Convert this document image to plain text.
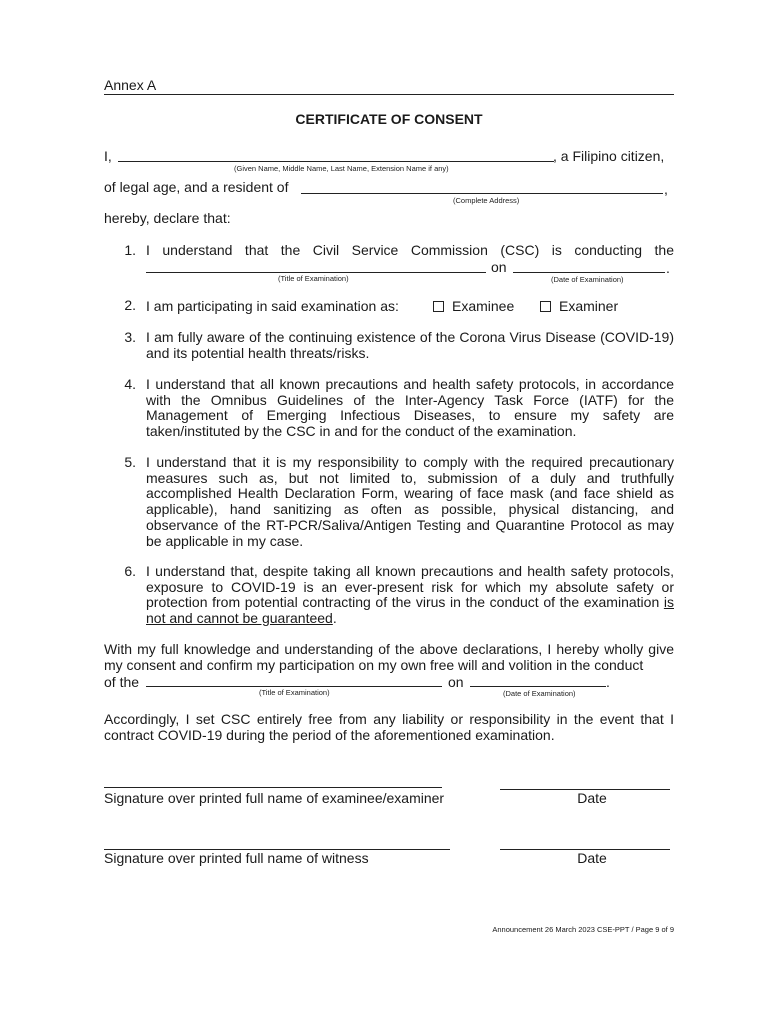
Annex A
CERTIFICATE OF CONSENT
I,	, a Filipino citizen,
(Given Name, Middle Name, Last Name, Extension Name if any)
of legal age, and a resident of	,
(Complete Address)
hereby, declare that:
1. I understand that the Civil Service Commission (CSC) is conducting the
on	.
(Title of Examination)	(Date of Examination)
2. I am participating in said examination as:	Examinee	Examiner
3. I am fully aware of the continuing existence of the Corona Virus Disease (COVID-19) and its potential health threats/risks.
4. I understand that all known precautions and health safety protocols, in accordance with the Omnibus Guidelines of the Inter-Agency Task Force (IATF) for the Management of Emerging Infectious Diseases, to ensure my safety are taken/instituted by the CSC in and for the conduct of the examination.
5. I understand that it is my responsibility to comply with the required precautionary measures such as, but not limited to, submission of a duly and truthfully accomplished Health Declaration Form, wearing of face mask (and face shield as applicable), hand sanitizing as often as possible, physical distancing, and observance of the RT-PCR/Saliva/Antigen Testing and Quarantine Protocol as may be applicable in my case.
6. I understand that, despite taking all known precautions and health safety protocols, exposure to COVID-19 is an ever-present risk for which my absolute safety or protection from potential contracting of the virus in the conduct of the examination is not and cannot be guaranteed.
With my full knowledge and understanding of the above declarations, I hereby wholly give my consent and confirm my participation on my own free will and volition in the conduct
of the	on	.
(Title of Examination)	(Date of Examination)
Accordingly, I set CSC entirely free from any liability or responsibility in the event that I contract COVID-19 during the period of the aforementioned examination.
Signature over printed full name of examinee/examiner	Date
Signature over printed full name of witness	Date
Announcement 26 March 2023 CSE-PPT / Page 9 of 9
